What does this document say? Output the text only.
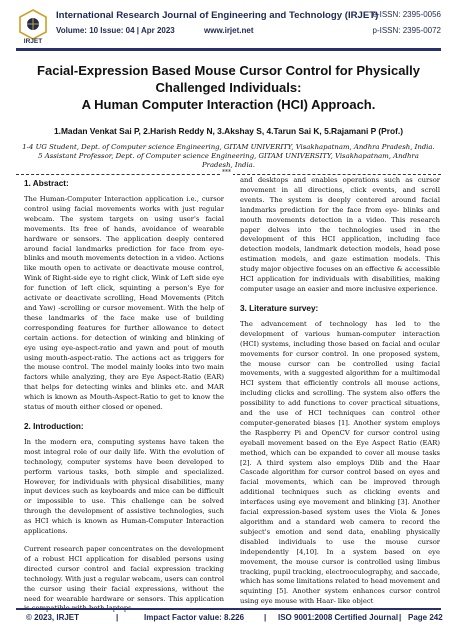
IRJET
International Research Journal of Engineering and Technology (IRJET)
e-ISSN: 2395-0056
Volume: 10 Issue: 04 | Apr 2023	www.irjet.net	p-ISSN: 2395-0072
Facial-Expression Based Mouse Cursor Control for Physically
Challenged Individuals:
A Human Computer Interaction (HCI) Approach.
1.Madan Venkat Sai P, 2.Harish Reddy N, 3.Akshay S, 4.Tarun Sai K, 5.Rajamani P (Prof.)
1-4 UG Student, Dept. of Computer science Engineering, GITAM UNIVERITY, Visakhapatnam, Andhra Pradesh, India.
5 Assistant Professor, Dept. of Computer science Engineering, GITAM UNIVERSITY, Visakhapatnam, Andhra
Pradesh, India.
***
1. Abstract:

The Human-Computer Interaction application i.e., cursor control using facial movements works with just regular webcam. The system targets on using user's facial movements. Its free of hands, avoidance of wearable hardware or sensors. The application deeply centered around facial landmarks prediction for face from eye-blinks and mouth movements detection in a video. Actions like mouth open to activate or deactivate mouse control, Wink of Right-side eye to right click, Wink of Left side eye for function of left click, squinting a person's Eye for activate or deactivate scrolling, Head Movements (Pitch and Yaw) -scrolling or cursor movement. With the help of these landmarks of the face make use of building corresponding features for further allowance to detect certain actions. for detection of winking and blinking of eye using eye-aspect-ratio and yawn and pout of mouth using mouth-aspect-ratio. The actions act as triggers for the mouse control. The model mainly looks into two main factors while analyzing, they are Eye Aspect-Ratio (EAR) that helps for detecting winks and blinks etc. and MAR which is known as Mouth-Aspect-Ratio to get to know the status of mouth either closed or opened.

2. Introduction:

In the modern era, computing systems have taken the most integral role of our daily life. With the evolution of technology, computer systems have been developed to perform various tasks, both simple and specialized. However, for individuals with physical disabilities, many input devices such as keyboards and mice can be difficult or impossible to use. This challenge can be solved through the development of assistive technologies, such as HCI which is known as Human-Computer Interaction applications.

Current research paper concentrates on the development of a robust HCI application for disabled persons using directed cursor control and facial expression tracking technology. With just a regular webcam, users can control the cursor using their facial expressions, without the need for wearable hardware or sensors. This application

and desktops and enables operations such as cursor movement in all directions, click events, and scroll events. The system is deeply centered around facial landmarks prediction for the face from eye- blinks and mouth movements detection in a video. This research paper delves into the technologies used in the development of this HCI application, including face detection models, landmark detection models, head pose estimation models, and gaze estimation models. This study major objective focuses on an effective & accessible HCI application for individuals with disabilities, making computer usage an easier and more inclusive experience.

3. Literature survey:

The advancement of technology has led to the development of various human-computer interaction (HCI) systems, including those based on facial and ocular movements for cursor control. In one proposed system, the mouse cursor can be controlled using facial movements, with a suggested algorithm for a multimodal HCI system that efficiently controls all mouse actions, including clicks and scrolling. The system also offers the possibility to add functions to cover practical situations, and the use of HCI techniques can control other computer-generated biases [1]. Another system employs the Raspberry Pi and OpenCV for cursor control using eyeball movement based on the Eye Aspect Ratio (EAR) method, which can be expanded to cover all mouse tasks [2]. A third system also employs Dlib and the Haar Cascade algorithm for cursor control based on eyes and facial movements, which can be improved through additional techniques such as clicking events and interfaces using eye movement and blinking [3]. Another facial expression-based system uses the Viola & Jones algorithm and a standard web camera to record the subject's emotion and send data, enabling physically disabled individuals to use the mouse cursor independently [4,10]. In a system based on eye movement, the mouse cursor is controlled using limbus tracking, pupil tracking, electrooculography, and saccade, which has some limitations related to head movement and squinting [5]. Another system enhances cursor control using eye mouse with Haar- like object

© 2023, IRJET	|	Impact Factor value: 8.226 | ISO 9001:2008 Certified Journal | Page 242
